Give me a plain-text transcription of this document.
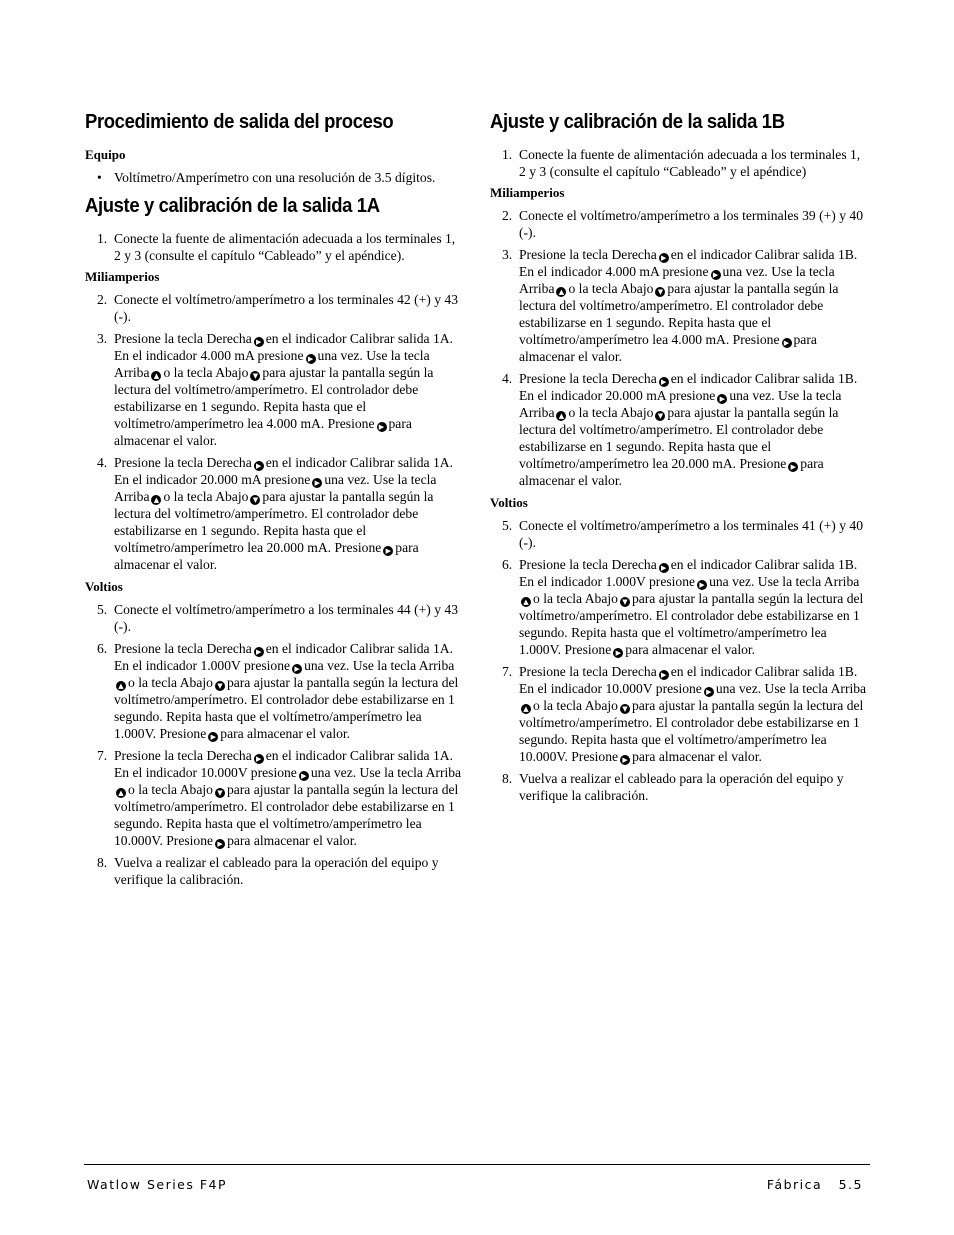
Procedimiento de salida del proceso
Equipo
• Voltímetro/Amperímetro con una resolución de 3.5 dígitos.
Ajuste y calibración de la salida 1A
1. Conecte la fuente de alimentación adecuada a los terminales 1, 2 y 3 (consulte el capítulo “Cableado” y el apéndice).
Miliamperios
2. Conecte el voltímetro/amperímetro a los terminales 42 (+) y 43 (-).
3. Presione la tecla Derecha ▶ en el indicador Calibrar salida 1A. En el indicador 4.000 mA presione ▶ una vez. Use la tecla Arriba ▲ o la tecla Abajo ▼ para ajustar la pantalla según la lectura del voltímetro/amperímetro. El controlador debe estabilizarse en 1 segundo. Repita hasta que el voltímetro/amperímetro lea 4.000 mA. Presione ▶ para almacenar el valor.
4. Presione la tecla Derecha ▶ en el indicador Calibrar salida 1A. En el indicador 20.000 mA presione ▶ una vez. Use la tecla Arriba ▲ o la tecla Abajo ▼ para ajustar la pantalla según la lectura del voltímetro/amperímetro. El controlador debe estabilizarse en 1 segundo. Repita hasta que el voltímetro/amperímetro lea 20.000 mA. Presione ▶ para almacenar el valor.
Voltios
5. Conecte el voltímetro/amperímetro a los terminales 44 (+) y 43 (-).
6. Presione la tecla Derecha ▶ en el indicador Calibrar salida 1A. En el indicador 1.000V presione ▶ una vez. Use la tecla Arriba▲ o la tecla Abajo ▼ para ajustar la pantalla según la lectura del voltímetro/amperímetro. El controlador debe estabilizarse en 1 segundo. Repita hasta que el voltímetro/amperímetro lea 1.000V. Presione ▶ para almacenar el valor.
7. Presione la tecla Derecha ▶ en el indicador Calibrar salida 1A. En el indicador 10.000V presione ▶ una vez. Use la tecla Arriba▲ o la tecla Abajo ▼ para ajustar la pantalla según la lectura del voltímetro/amperímetro. El controlador debe estabilizarse en 1 segundo. Repita hasta que el voltímetro/amperímetro lea 10.000V. Presione ▶ para almacenar el valor.
8. Vuelva a realizar el cableado para la operación del equipo y verifique la calibración.
Ajuste y calibración de la salida 1B
1. Conecte la fuente de alimentación adecuada a los terminales 1, 2 y 3 (consulte el capítulo “Cableado” y el apéndice)
Miliamperios
2. Conecte el voltímetro/amperímetro a los terminales 39 (+) y 40 (-).
3. Presione la tecla Derecha ▶ en el indicador Calibrar salida 1B. En el indicador 4.000 mA presione ▶ una vez. Use la tecla Arriba ▲ o la tecla Abajo ▼ para ajustar la pantalla según la lectura del voltímetro/amperímetro. El controlador debe estabilizarse en 1 segundo. Repita hasta que el voltímetro/amperímetro lea 4.000 mA. Presione ▶ para almacenar el valor.
4. Presione la tecla Derecha ▶ en el indicador Calibrar salida 1B. En el indicador 20.000 mA presione ▶ una vez. Use la tecla Arriba ▲ o la tecla Abajo ▼ para ajustar la pantalla según la lectura del voltímetro/amperímetro. El controlador debe estabilizarse en 1 segundo. Repita hasta que el voltímetro/amperímetro lea 20.000 mA. Presione ▶ para almacenar el valor.
Voltios
5. Conecte el voltímetro/amperímetro a los terminales 41 (+) y 40 (-).
6. Presione la tecla Derecha ▶ en el indicador Calibrar salida 1B. En el indicador 1.000V presione ▶ una vez. Use la tecla Arriba▲ o la tecla Abajo ▼ para ajustar la pantalla según la lectura del voltímetro/amperímetro. El controlador debe estabilizarse en 1 segundo. Repita hasta que el voltímetro/amperímetro lea 1.000V. Presione ▶ para almacenar el valor.
7. Presione la tecla Derecha ▶ en el indicador Calibrar salida 1B. En el indicador 10.000V presione ▶ una vez. Use la tecla Arriba▲ o la tecla Abajo ▼ para ajustar la pantalla según la lectura del voltímetro/amperímetro. El controlador debe estabilizarse en 1 segundo. Repita hasta que el voltímetro/amperímetro lea 10.000V. Presione ▶ para almacenar el valor.
8. Vuelva a realizar el cableado para la operación del equipo y verifique la calibración.
Watlow Series F4P	Fábrica   5.5
